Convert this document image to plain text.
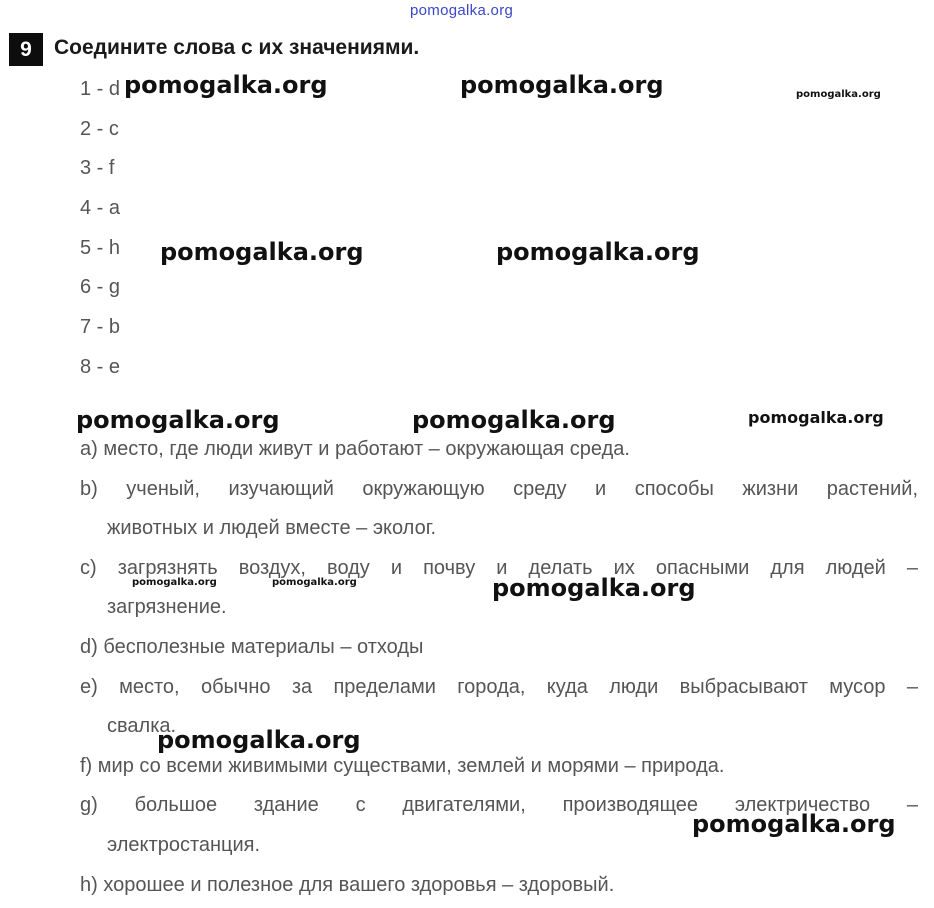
pomogalka.org
9	Соедините слова с их значениями.
1 - d
2 - c
3 - f
4 - a
5 - h
6 - g
7 - b
8 - e
a) место, где люди живут и работают – окружающая среда.
b) ученый, изучающий окружающую среду и способы жизни растений,
животных и людей вместе – эколог.
c) загрязнять воздух, воду и почву и делать их опасными для людей –
загрязнение.
d) бесполезные материалы – отходы
e) место, обычно за пределами города, куда люди выбрасывают мусор –
свалка.
f) мир со всеми живимыми существами, землей и морями – природа.
g) большое здание с двигателями, производящее электричество –
электростанция.
h) хорошее и полезное для вашего здоровья – здоровый.
pomogalka.org	pomogalka.org	pomogalka.org
pomogalka.org	pomogalka.org
pomogalka.org	pomogalka.org	pomogalka.org
pomogalka.org	pomogalka.org	pomogalka.org
pomogalka.org
pomogalka.org
